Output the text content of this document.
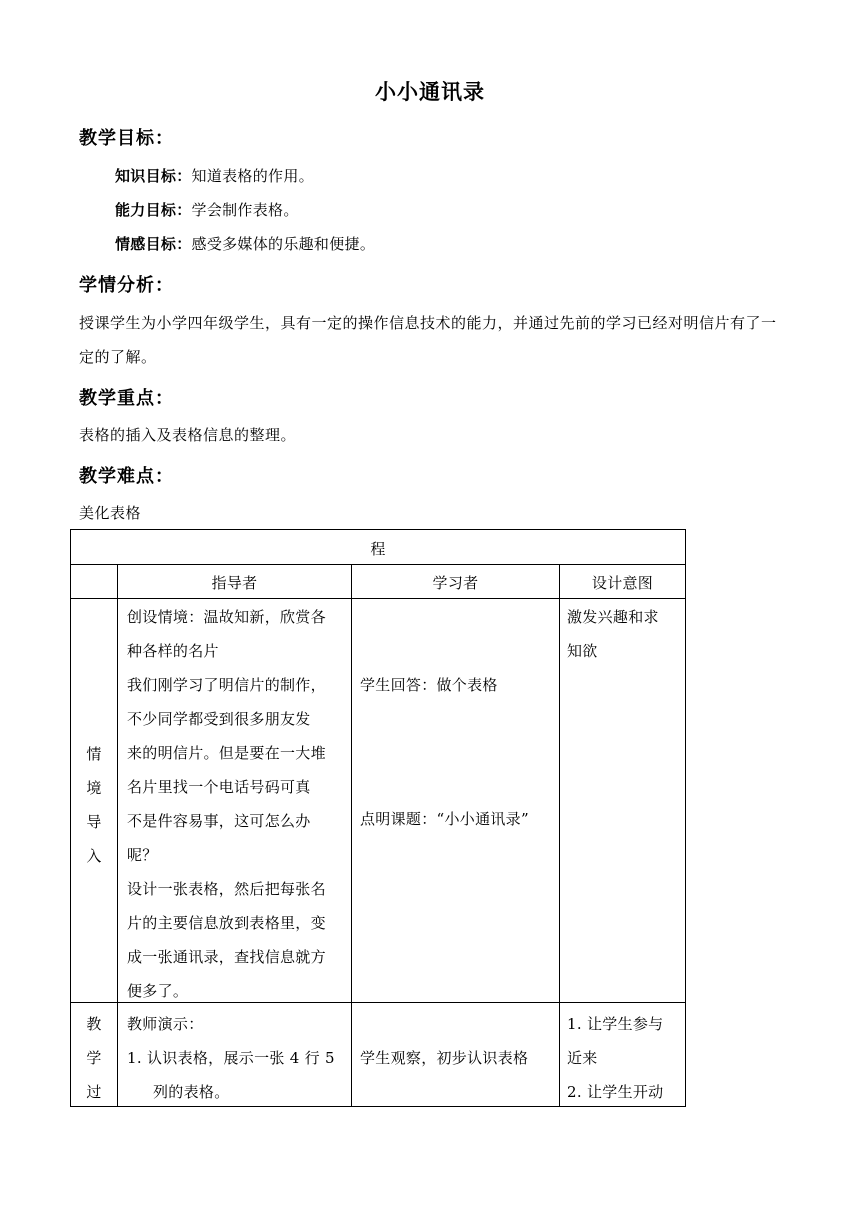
小小通讯录
教学目标：
知识目标：知道表格的作用。
能力目标：学会制作表格。
情感目标：感受多媒体的乐趣和便捷。
学情分析：
授课学生为小学四年级学生，具有一定的操作信息技术的能力，并通过先前的学习已经对明信片有了一定的了解。
教学重点：
表格的插入及表格信息的整理。
教学难点：
美化表格
程
指导者	学习者	设计意图
情
境
导
入
创设情境：温故知新，欣赏各
种各样的名片
我们刚学习了明信片的制作，
不少同学都受到很多朋友发
来的明信片。但是要在一大堆
名片里找一个电话号码可真
不是件容易事，这可怎么办
呢？
设计一张表格，然后把每张名
片的主要信息放到表格里，变
成一张通讯录，查找信息就方
便多了。
学生回答：做个表格
点明课题：“小小通讯录”
激发兴趣和求
知欲
教
学
过
教师演示：
1. 认识表格，展示一张 4 行 5
列的表格。
学生观察，初步认识表格
1. 让学生参与
近来
2. 让学生开动
